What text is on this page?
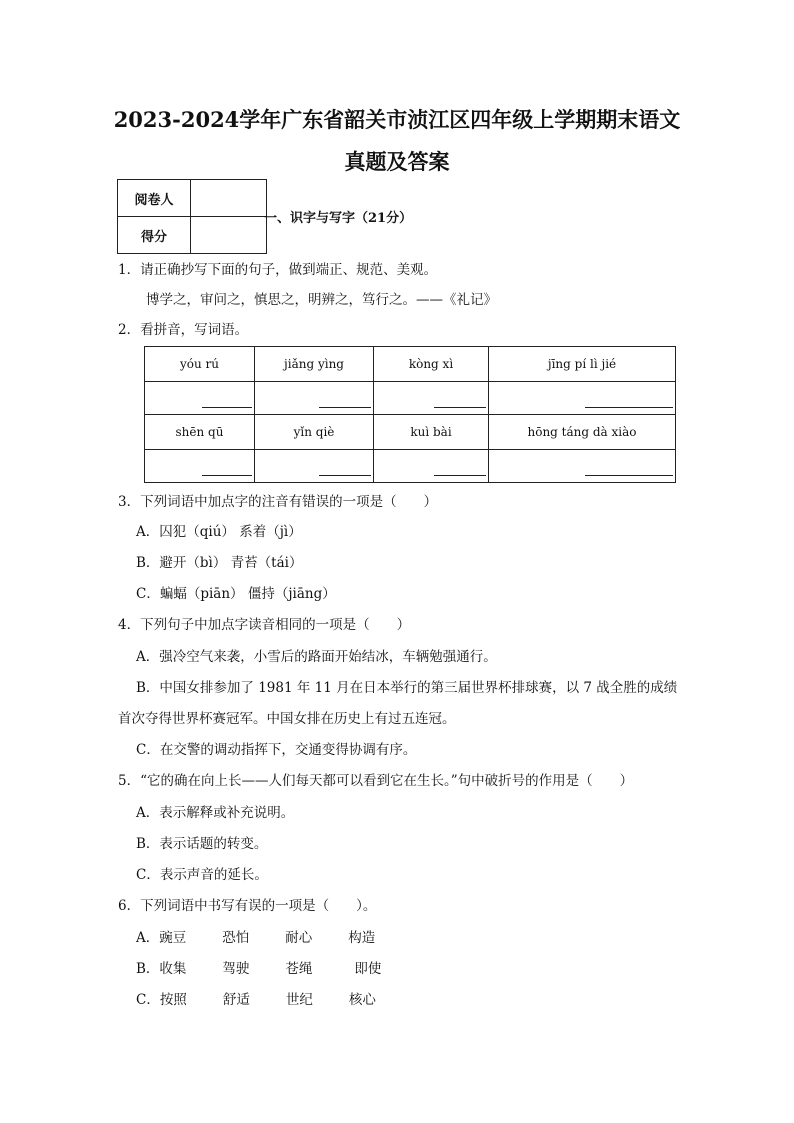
2023-2024学年广东省韶关市浈江区四年级上学期期末语文
真题及答案
阅卷人	
得分	
一、识字与写字（21分）
1．请正确抄写下面的句子，做到端正、规范、美观。
博学之，审问之，慎思之，明辨之，笃行之。——《礼记》
2．看拼音，写词语。
yóu rú	jiǎng yìng	kòng xì	jīng pí lì jié

shēn qū	yǐn qiè	kuì bài	hōng táng dà xiào

3．下列词语中加点字的注音有错误的一项是（　　）
A．囚犯（qiú） 系着（jì）
B．避开（bì） 青苔（tái）
C．蝙蝠（piān） 僵持（jiāng）
4．下列句子中加点字读音相同的一项是（　　）
A．强冷空气来袭，小雪后的路面开始结冰，车辆勉强通行。
B．中国女排参加了 1981 年 11 月在日本举行的第三届世界杯排球赛，以 7 战全胜的成绩
首次夺得世界杯赛冠军。中国女排在历史上有过五连冠。
C．在交警的调动指挥下，交通变得协调有序。
5．“它的确在向上长——人们每天都可以看到它在生长。”句中破折号的作用是（　　）
A．表示解释或补充说明。
B．表示话题的转变。
C．表示声音的延长。
6．下列词语中书写有误的一项是（　　）。
A．豌豆	恐怕	耐心	构造
B．收集	驾驶	苍绳	即使
C．按照	舒适	世纪	核心
